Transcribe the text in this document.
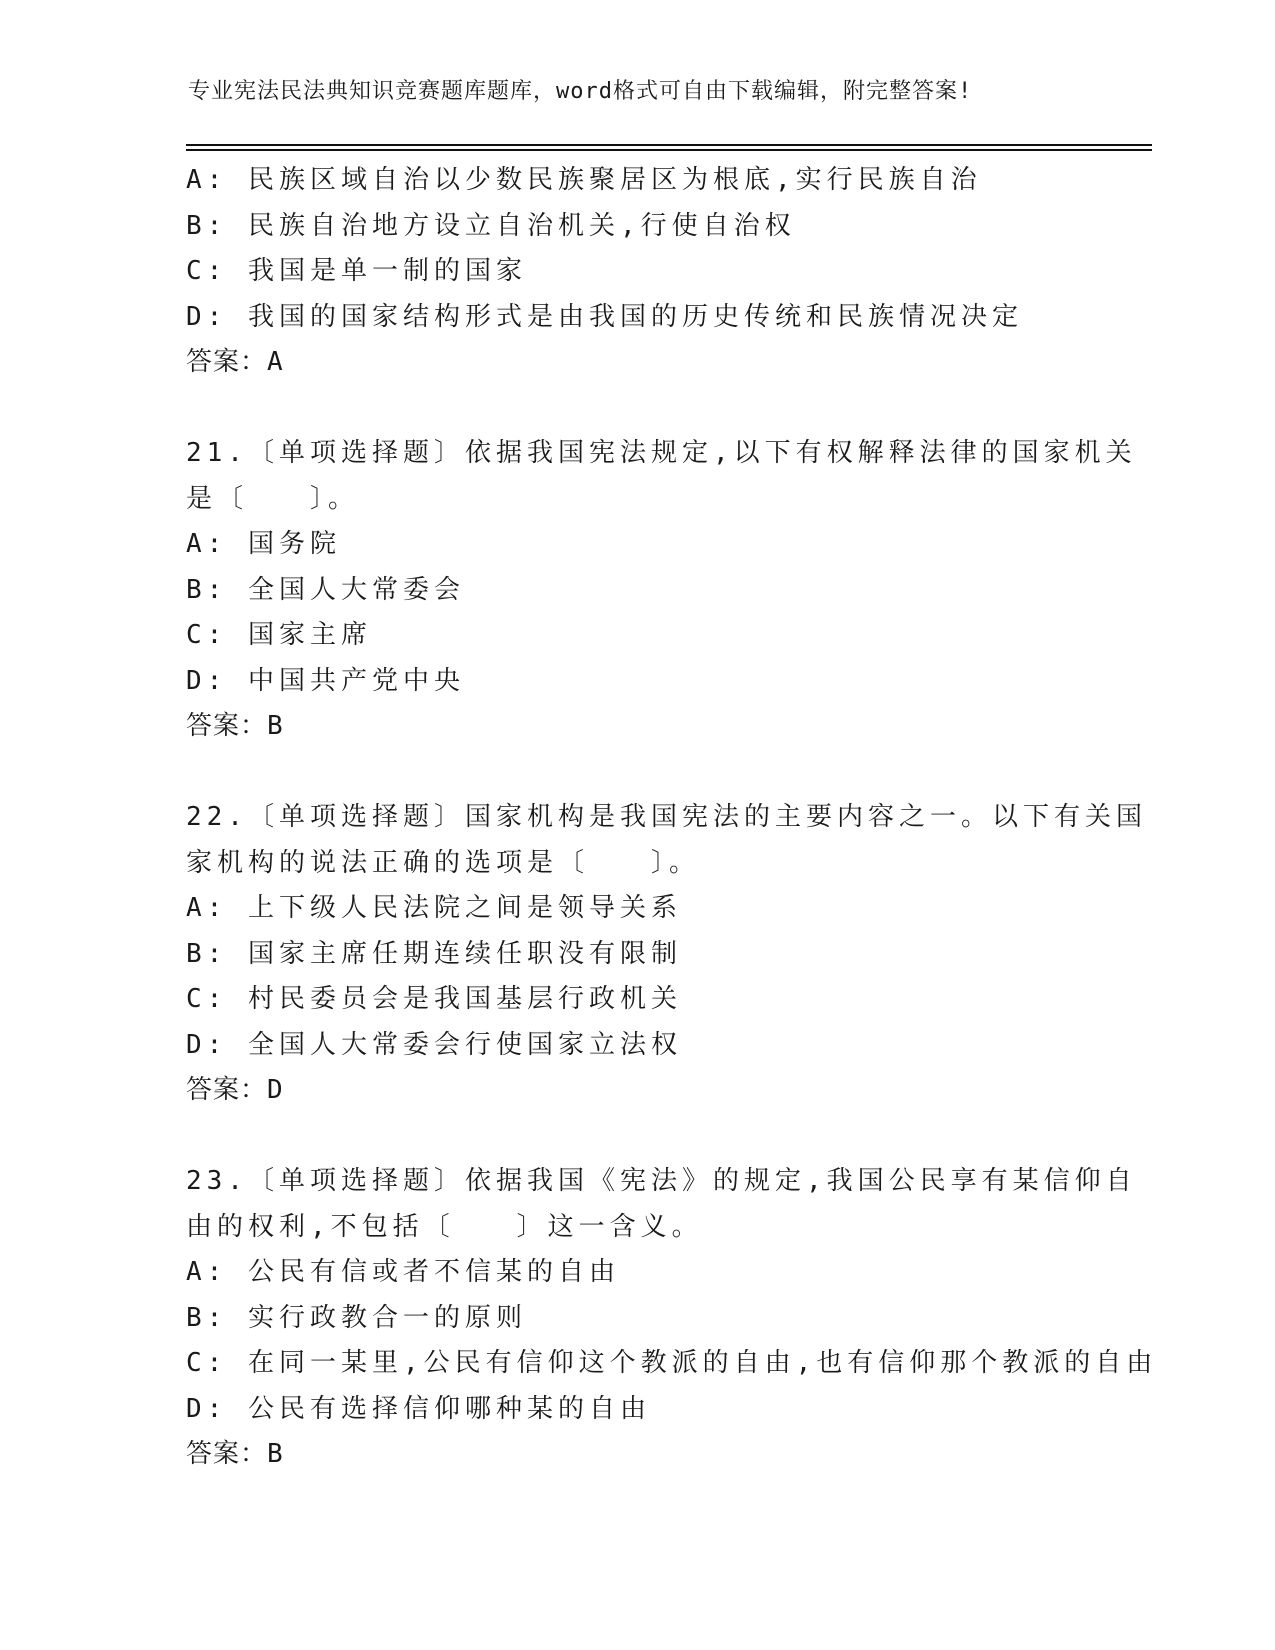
专业宪法民法典知识竞赛题库题库，word格式可自由下载编辑，附完整答案!
A: 民族区域自治以少数民族聚居区为根底,实行民族自治
B: 民族自治地方设立自治机关,行使自治权
C: 我国是单一制的国家
D: 我国的国家结构形式是由我国的历史传统和民族情况决定
答案：A
21.〔单项选择题〕依据我国宪法规定,以下有权解释法律的国家机关
是〔　　〕。
A: 国务院
B: 全国人大常委会
C: 国家主席
D: 中国共产党中央
答案：B
22.〔单项选择题〕国家机构是我国宪法的主要内容之一。以下有关国
家机构的说法正确的选项是〔　　〕。
A: 上下级人民法院之间是领导关系
B: 国家主席任期连续任职没有限制
C: 村民委员会是我国基层行政机关
D: 全国人大常委会行使国家立法权
答案：D
23.〔单项选择题〕依据我国《宪法》的规定,我国公民享有某信仰自
由的权利,不包括〔　　〕这一含义。
A: 公民有信或者不信某的自由
B: 实行政教合一的原则
C: 在同一某里,公民有信仰这个教派的自由,也有信仰那个教派的自由
D: 公民有选择信仰哪种某的自由
答案：B
